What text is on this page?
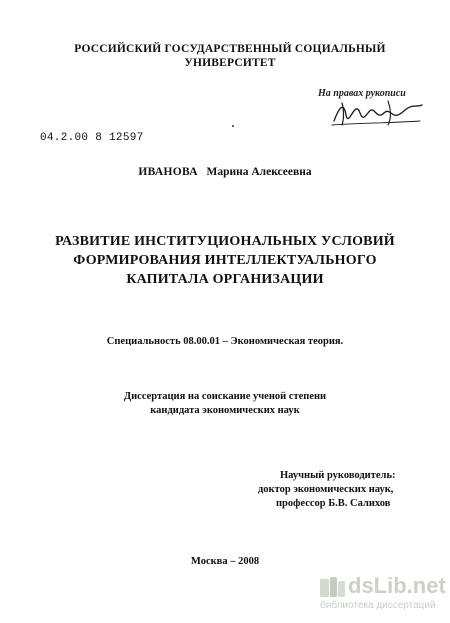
РОССИЙСКИЙ ГОСУДАРСТВЕННЫЙ СОЦИАЛЬНЫЙ
УНИВЕРСИТЕТ
На правах рукописи
04.2.00 8 12597
ИВАНОВА Марина Алексеевна
РАЗВИТИЕ ИНСТИТУЦИОНАЛЬНЫХ УСЛОВИЙ
ФОРМИРОВАНИЯ ИНТЕЛЛЕКТУАЛЬНОГО
КАПИТАЛА ОРГАНИЗАЦИИ
Специальность 08.00.01 – Экономическая теория.
Диссертация на соискание ученой степени
кандидата экономических наук
Научный руководитель:
доктор экономических наук,
профессор Б.В. Салихов
Москва – 2008
dsLib.net
библиотека диссертаций
